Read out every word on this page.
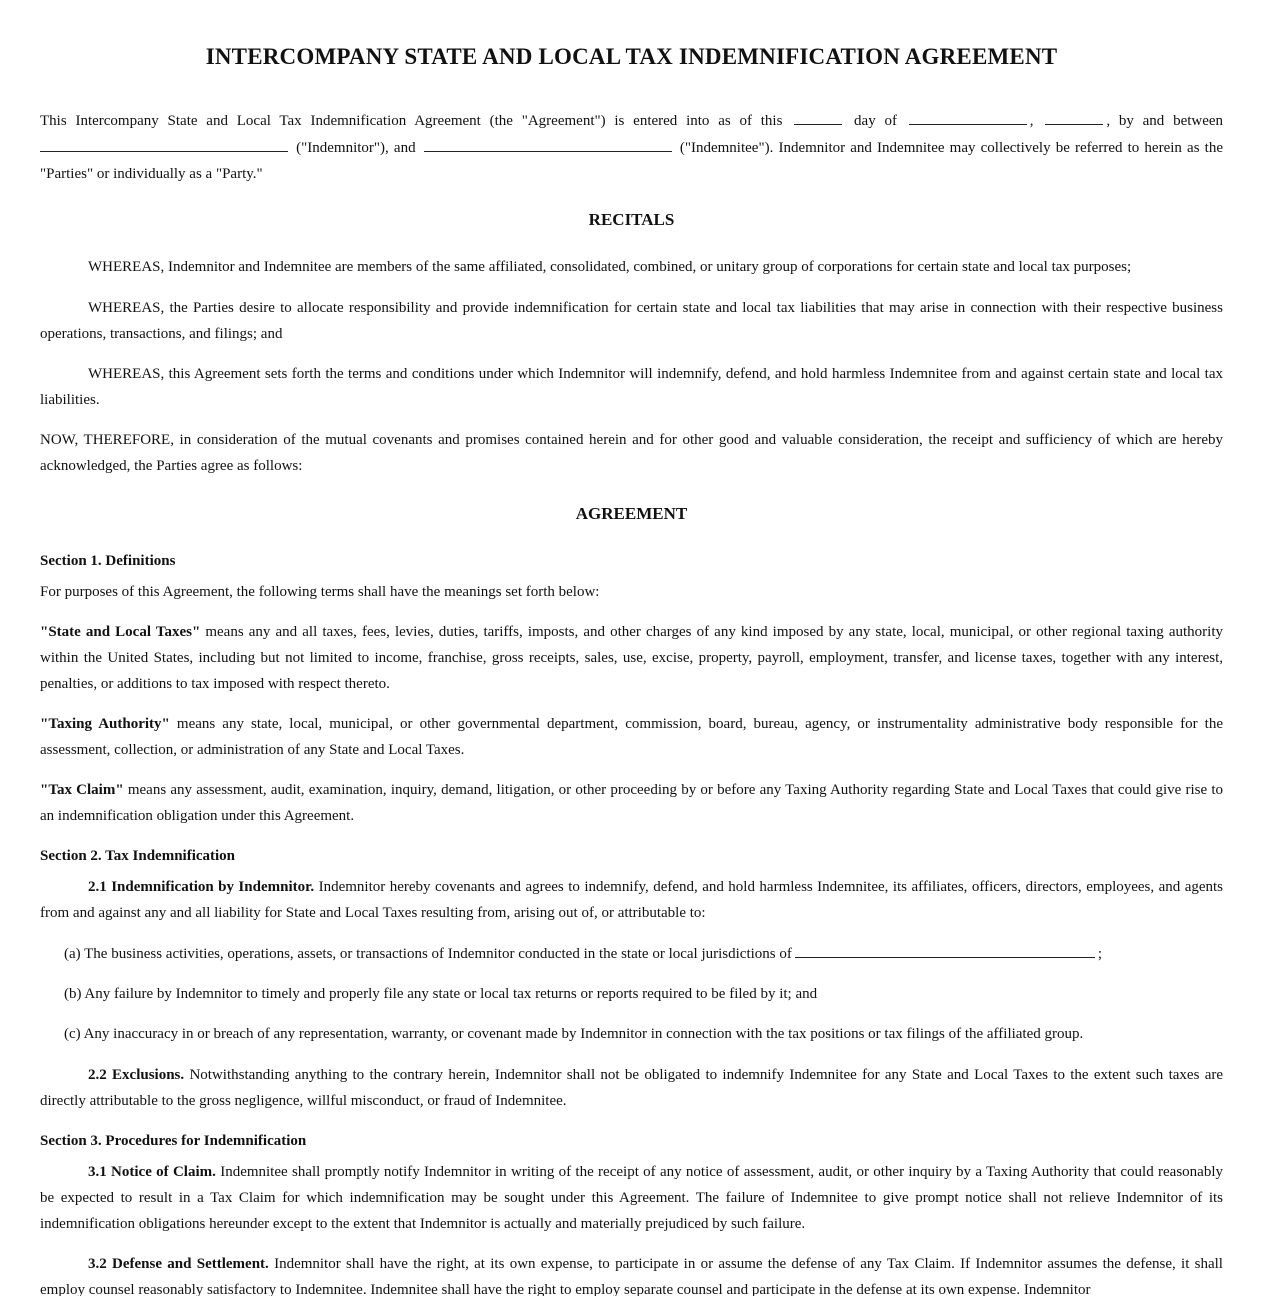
INTERCOMPANY STATE AND LOCAL TAX INDEMNIFICATION AGREEMENT
This Intercompany State and Local Tax Indemnification Agreement (the "Agreement") is entered into as of this	day of	,	, by and between  ("Indemnitor"), and	("Indemnitee"). Indemnitor and Indemnitee may collectively be referred to herein as the "Parties" or individually as a "Party."
RECITALS
WHEREAS, Indemnitor and Indemnitee are members of the same affiliated, consolidated, combined, or unitary group of corporations for certain state and local tax purposes;
WHEREAS, the Parties desire to allocate responsibility and provide indemnification for certain state and local tax liabilities that may arise in connection with their respective business operations, transactions, and filings; and
WHEREAS, this Agreement sets forth the terms and conditions under which Indemnitor will indemnify, defend, and hold harmless Indemnitee from and against certain state and local tax liabilities.
NOW, THEREFORE, in consideration of the mutual covenants and promises contained herein and for other good and valuable consideration, the receipt and sufficiency of which are hereby acknowledged, the Parties agree as follows:
AGREEMENT
Section 1. Definitions
For purposes of this Agreement, the following terms shall have the meanings set forth below:
"State and Local Taxes" means any and all taxes, fees, levies, duties, tariffs, imposts, and other charges of any kind imposed by any state, local, municipal, or other regional taxing authority within the United States, including but not limited to income, franchise, gross receipts, sales, use, excise, property, payroll, employment, transfer, and license taxes, together with any interest, penalties, or additions to tax imposed with respect thereto.
"Taxing Authority" means any state, local, municipal, or other governmental department, commission, board, bureau, agency, or instrumentality administrative body responsible for the assessment, collection, or administration of any State and Local Taxes.
"Tax Claim" means any assessment, audit, examination, inquiry, demand, litigation, or other proceeding by or before any Taxing Authority regarding State and Local Taxes that could give rise to an indemnification obligation under this Agreement.
Section 2. Tax Indemnification
2.1 Indemnification by Indemnitor. Indemnitor hereby covenants and agrees to indemnify, defend, and hold harmless Indemnitee, its affiliates, officers, directors, employees, and agents from and against any and all liability for State and Local Taxes resulting from, arising out of, or attributable to:
(a) The business activities, operations, assets, or transactions of Indemnitor conducted in the state or local jurisdictions of	;
(b) Any failure by Indemnitor to timely and properly file any state or local tax returns or reports required to be filed by it; and
(c) Any inaccuracy in or breach of any representation, warranty, or covenant made by Indemnitor in connection with the tax positions or tax filings of the affiliated group.
2.2 Exclusions. Notwithstanding anything to the contrary herein, Indemnitor shall not be obligated to indemnify Indemnitee for any State and Local Taxes to the extent such taxes are directly attributable to the gross negligence, willful misconduct, or fraud of Indemnitee.
Section 3. Procedures for Indemnification
3.1 Notice of Claim. Indemnitee shall promptly notify Indemnitor in writing of the receipt of any notice of assessment, audit, or other inquiry by a Taxing Authority that could reasonably be expected to result in a Tax Claim for which indemnification may be sought under this Agreement. The failure of Indemnitee to give prompt notice shall not relieve Indemnitor of its indemnification obligations hereunder except to the extent that Indemnitor is actually and materially prejudiced by such failure.
3.2 Defense and Settlement. Indemnitor shall have the right, at its own expense, to participate in or assume the defense of any Tax Claim. If Indemnitor assumes the defense, it shall employ counsel reasonably satisfactory to Indemnitee. Indemnitee shall have the right to employ separate counsel and participate in the defense at its own expense. Indemnitor
